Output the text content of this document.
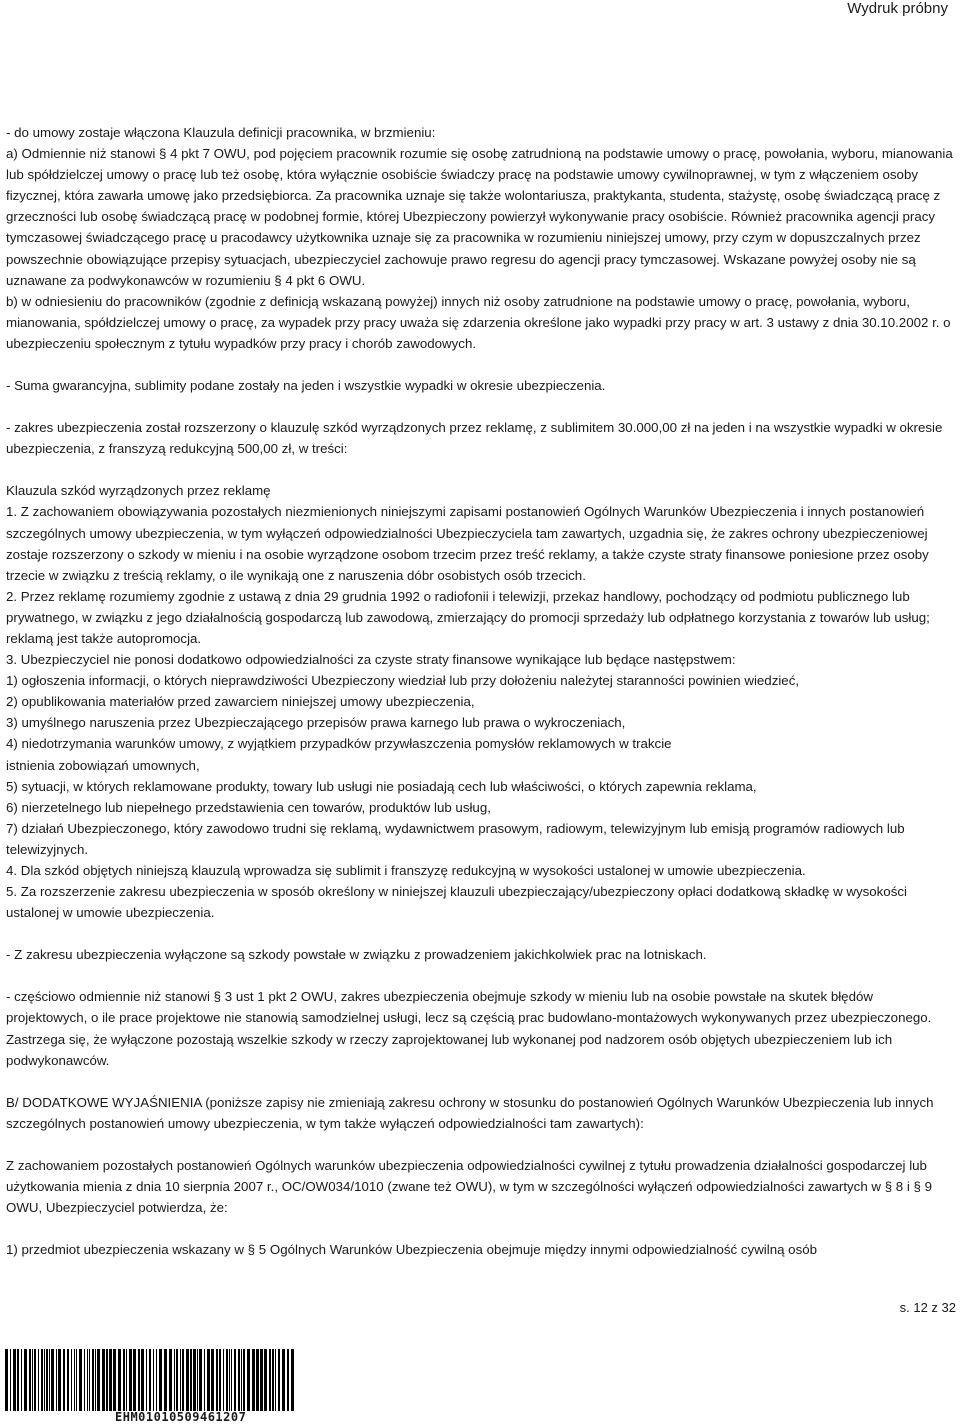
Wydruk próbny

- do umowy zostaje włączona Klauzula definicji pracownika, w brzmieniu:

a) Odmiennie niż stanowi § 4 pkt 7 OWU, pod pojęciem pracownik rozumie się osobę zatrudnioną na podstawie umowy o pracę, powołania, wyboru, mianowania lub spółdzielczej umowy o pracę lub też osobę, która wyłącznie osobiście świadczy pracę na podstawie umowy cywilnoprawnej, w tym z włączeniem osoby fizycznej, która zawarła umowę jako przedsiębiorca. Za pracownika uznaje się także wolontariusza, praktykanta, studenta, stażystę, osobę świadczącą pracę z grzeczności lub osobę świadczącą pracę w podobnej formie, której Ubezpieczony powierzył wykonywanie pracy osobiście. Również pracownika agencji pracy tymczasowej świadczącego pracę u pracodawcy użytkownika uznaje się za pracownika w rozumieniu niniejszej umowy, przy czym w dopuszczalnych przez powszechnie obowiązujące przepisy sytuacjach, ubezpieczyciel zachowuje prawo regresu do agencji pracy tymczasowej. Wskazane powyżej osoby nie są uznawane za podwykonawców w rozumieniu § 4 pkt 6 OWU.

b) w odniesieniu do pracowników (zgodnie z definicją wskazaną powyżej) innych niż osoby zatrudnione na podstawie umowy o pracę, powołania, wyboru, mianowania, spółdzielczej umowy o pracę, za wypadek przy pracy uważa się zdarzenia określone jako wypadki przy pracy w art. 3 ustawy z dnia 30.10.2002 r. o ubezpieczeniu społecznym z tytułu wypadków przy pracy i chorób zawodowych.

- Suma gwarancyjna, sublimity podane zostały na jeden i wszystkie wypadki w okresie ubezpieczenia.

- zakres ubezpieczenia został rozszerzony o klauzulę szkód wyrządzonych przez reklamę, z sublimitem 30.000,00 zł na jeden i na wszystkie wypadki w okresie ubezpieczenia, z franszyzą redukcyjną 500,00 zł, w treści:

Klauzula szkód wyrządzonych przez reklamę

1. Z zachowaniem obowiązywania pozostałych niezmienionych niniejszymi zapisami postanowień Ogólnych Warunków Ubezpieczenia i innych postanowień szczególnych umowy ubezpieczenia, w tym wyłączeń odpowiedzialności Ubezpieczyciela tam zawartych, uzgadnia się, że zakres ochrony ubezpieczeniowej zostaje rozszerzony o szkody w mieniu i na osobie wyrządzone osobom trzecim przez treść reklamy, a także czyste straty finansowe poniesione przez osoby trzecie w związku z treścią reklamy, o ile wynikają one z naruszenia dóbr osobistych osób trzecich.

2. Przez reklamę rozumiemy zgodnie z ustawą z dnia 29 grudnia 1992 o radiofonii i telewizji, przekaz handlowy, pochodzący od podmiotu publicznego lub prywatnego, w związku z jego działalnością gospodarczą lub zawodową, zmierzający do promocji sprzedaży lub odpłatnego korzystania z towarów lub usług; reklamą jest także autopromocja.

3. Ubezpieczyciel nie ponosi dodatkowo odpowiedzialności za czyste straty finansowe wynikające lub będące następstwem:

1) ogłoszenia informacji, o których nieprawdziwości Ubezpieczony wiedział lub przy dołożeniu należytej staranności powinien wiedzieć,

2) opublikowania materiałów przed zawarciem niniejszej umowy ubezpieczenia,

3) umyślnego naruszenia przez Ubezpieczającego przepisów prawa karnego lub prawa o wykroczeniach,

4) niedotrzymania warunków umowy, z wyjątkiem przypadków przywłaszczenia pomysłów reklamowych w trakcie

istnienia zobowiązań umownych,

5) sytuacji, w których reklamowane produkty, towary lub usługi nie posiadają cech lub właściwości, o których zapewnia reklama,

6) nierzetelnego lub niepełnego przedstawienia cen towarów, produktów lub usług,

7) działań Ubezpieczonego, który zawodowo trudni się reklamą, wydawnictwem prasowym, radiowym, telewizyjnym lub emisją programów radiowych lub telewizyjnych.

4. Dla szkód objętych niniejszą klauzulą wprowadza się sublimit i franszyzę redukcyjną w wysokości ustalonej w umowie ubezpieczenia.

5. Za rozszerzenie zakresu ubezpieczenia w sposób określony w niniejszej klauzuli ubezpieczający/ubezpieczony opłaci dodatkową składkę w wysokości ustalonej w umowie ubezpieczenia.

- Z zakresu ubezpieczenia wyłączone są szkody powstałe w związku z prowadzeniem jakichkolwiek prac na lotniskach.

- częściowo odmiennie niż stanowi § 3 ust 1 pkt 2 OWU, zakres ubezpieczenia obejmuje szkody w mieniu lub na osobie powstałe na skutek błędów projektowych, o ile prace projektowe nie stanowią samodzielnej usługi, lecz są częścią prac budowlano-montażowych wykonywanych przez ubezpieczonego. Zastrzega się, że wyłączone pozostają wszelkie szkody w rzeczy zaprojektowanej lub wykonanej pod nadzorem osób objętych ubezpieczeniem lub ich podwykonawców.

B/ DODATKOWE WYJAŚNIENIA (poniższe zapisy nie zmieniają zakresu ochrony w stosunku do postanowień Ogólnych Warunków Ubezpieczenia lub innych szczególnych postanowień umowy ubezpieczenia, w tym także wyłączeń odpowiedzialności tam zawartych):

Z zachowaniem pozostałych postanowień Ogólnych warunków ubezpieczenia odpowiedzialności cywilnej z tytułu prowadzenia działalności gospodarczej lub użytkowania mienia z dnia 10 sierpnia 2007 r., OC/OW034/1010 (zwane też OWU), w tym w szczególności wyłączeń odpowiedzialności zawartych w § 8 i § 9 OWU, Ubezpieczyciel potwierdza, że:

1) przedmiot ubezpieczenia wskazany w § 5 Ogólnych Warunków Ubezpieczenia obejmuje między innymi odpowiedzialność cywilną osób

s. 12 z 32
EHM01010509461207
